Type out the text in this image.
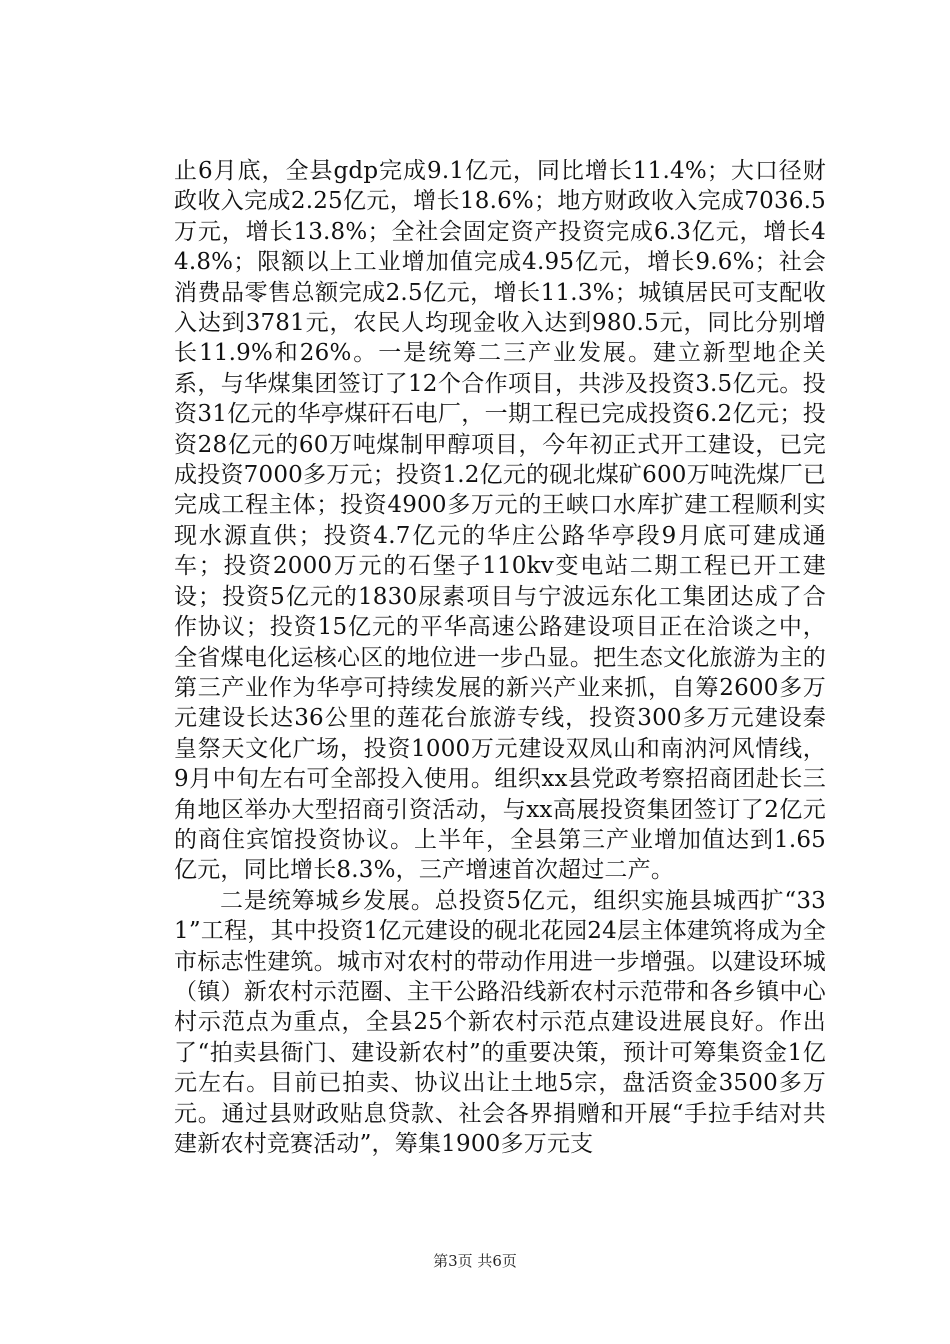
止6月底，全县gdp完成9.1亿元，同比增长11.4%；大口径财政收入完成2.25亿元，增长18.6%；地方财政收入完成7036.5万元，增长13.8%；全社会固定资产投资完成6.3亿元，增长44.8%；限额以上工业增加值完成4.95亿元，增长9.6%；社会消费品零售总额完成2.5亿元，增长11.3%；城镇居民可支配收入达到3781元，农民人均现金收入达到980.5元，同比分别增长11.9%和26%。一是统筹二三产业发展。建立新型地企关系，与华煤集团签订了12个合作项目，共涉及投资3.5亿元。投资31亿元的华亭煤矸石电厂，一期工程已完成投资6.2亿元；投资28亿元的60万吨煤制甲醇项目，今年初正式开工建设，已完成投资7000多万元；投资1.2亿元的砚北煤矿600万吨洗煤厂已完成工程主体；投资4900多万元的王峡口水库扩建工程顺利实现水源直供；投资4.7亿元的华庄公路华亭段9月底可建成通车；投资2000万元的石堡子110kv变电站二期工程已开工建设；投资5亿元的1830尿素项目与宁波远东化工集团达成了合作协议；投资15亿元的平华高速公路建设项目正在洽谈之中，全省煤电化运核心区的地位进一步凸显。把生态文化旅游为主的第三产业作为华亭可持续发展的新兴产业来抓，自筹2600多万元建设长达36公里的莲花台旅游专线，投资300多万元建设秦皇祭天文化广场，投资1000万元建设双凤山和南汭河风情线，9月中旬左右可全部投入使用。组织xx县党政考察招商团赴长三角地区举办大型招商引资活动，与xx高展投资集团签订了2亿元的商住宾馆投资协议。上半年，全县第三产业增加值达到1.65亿元，同比增长8.3%，三产增速首次超过二产。

二是统筹城乡发展。总投资5亿元，组织实施县城西扩“331”工程，其中投资1亿元建设的砚北花园24层主体建筑将成为全市标志性建筑。城市对农村的带动作用进一步增强。以建设环城（镇）新农村示范圈、主干公路沿线新农村示范带和各乡镇中心村示范点为重点，全县25个新农村示范点建设进展良好。作出了“拍卖县衙门、建设新农村”的重要决策，预计可筹集资金1亿元左右。目前已拍卖、协议出让土地5宗，盘活资金3500多万元。通过县财政贴息贷款、社会各界捐赠和开展“手拉手结对共建新农村竞赛活动”，筹集1900多万元支

第3页 共6页
